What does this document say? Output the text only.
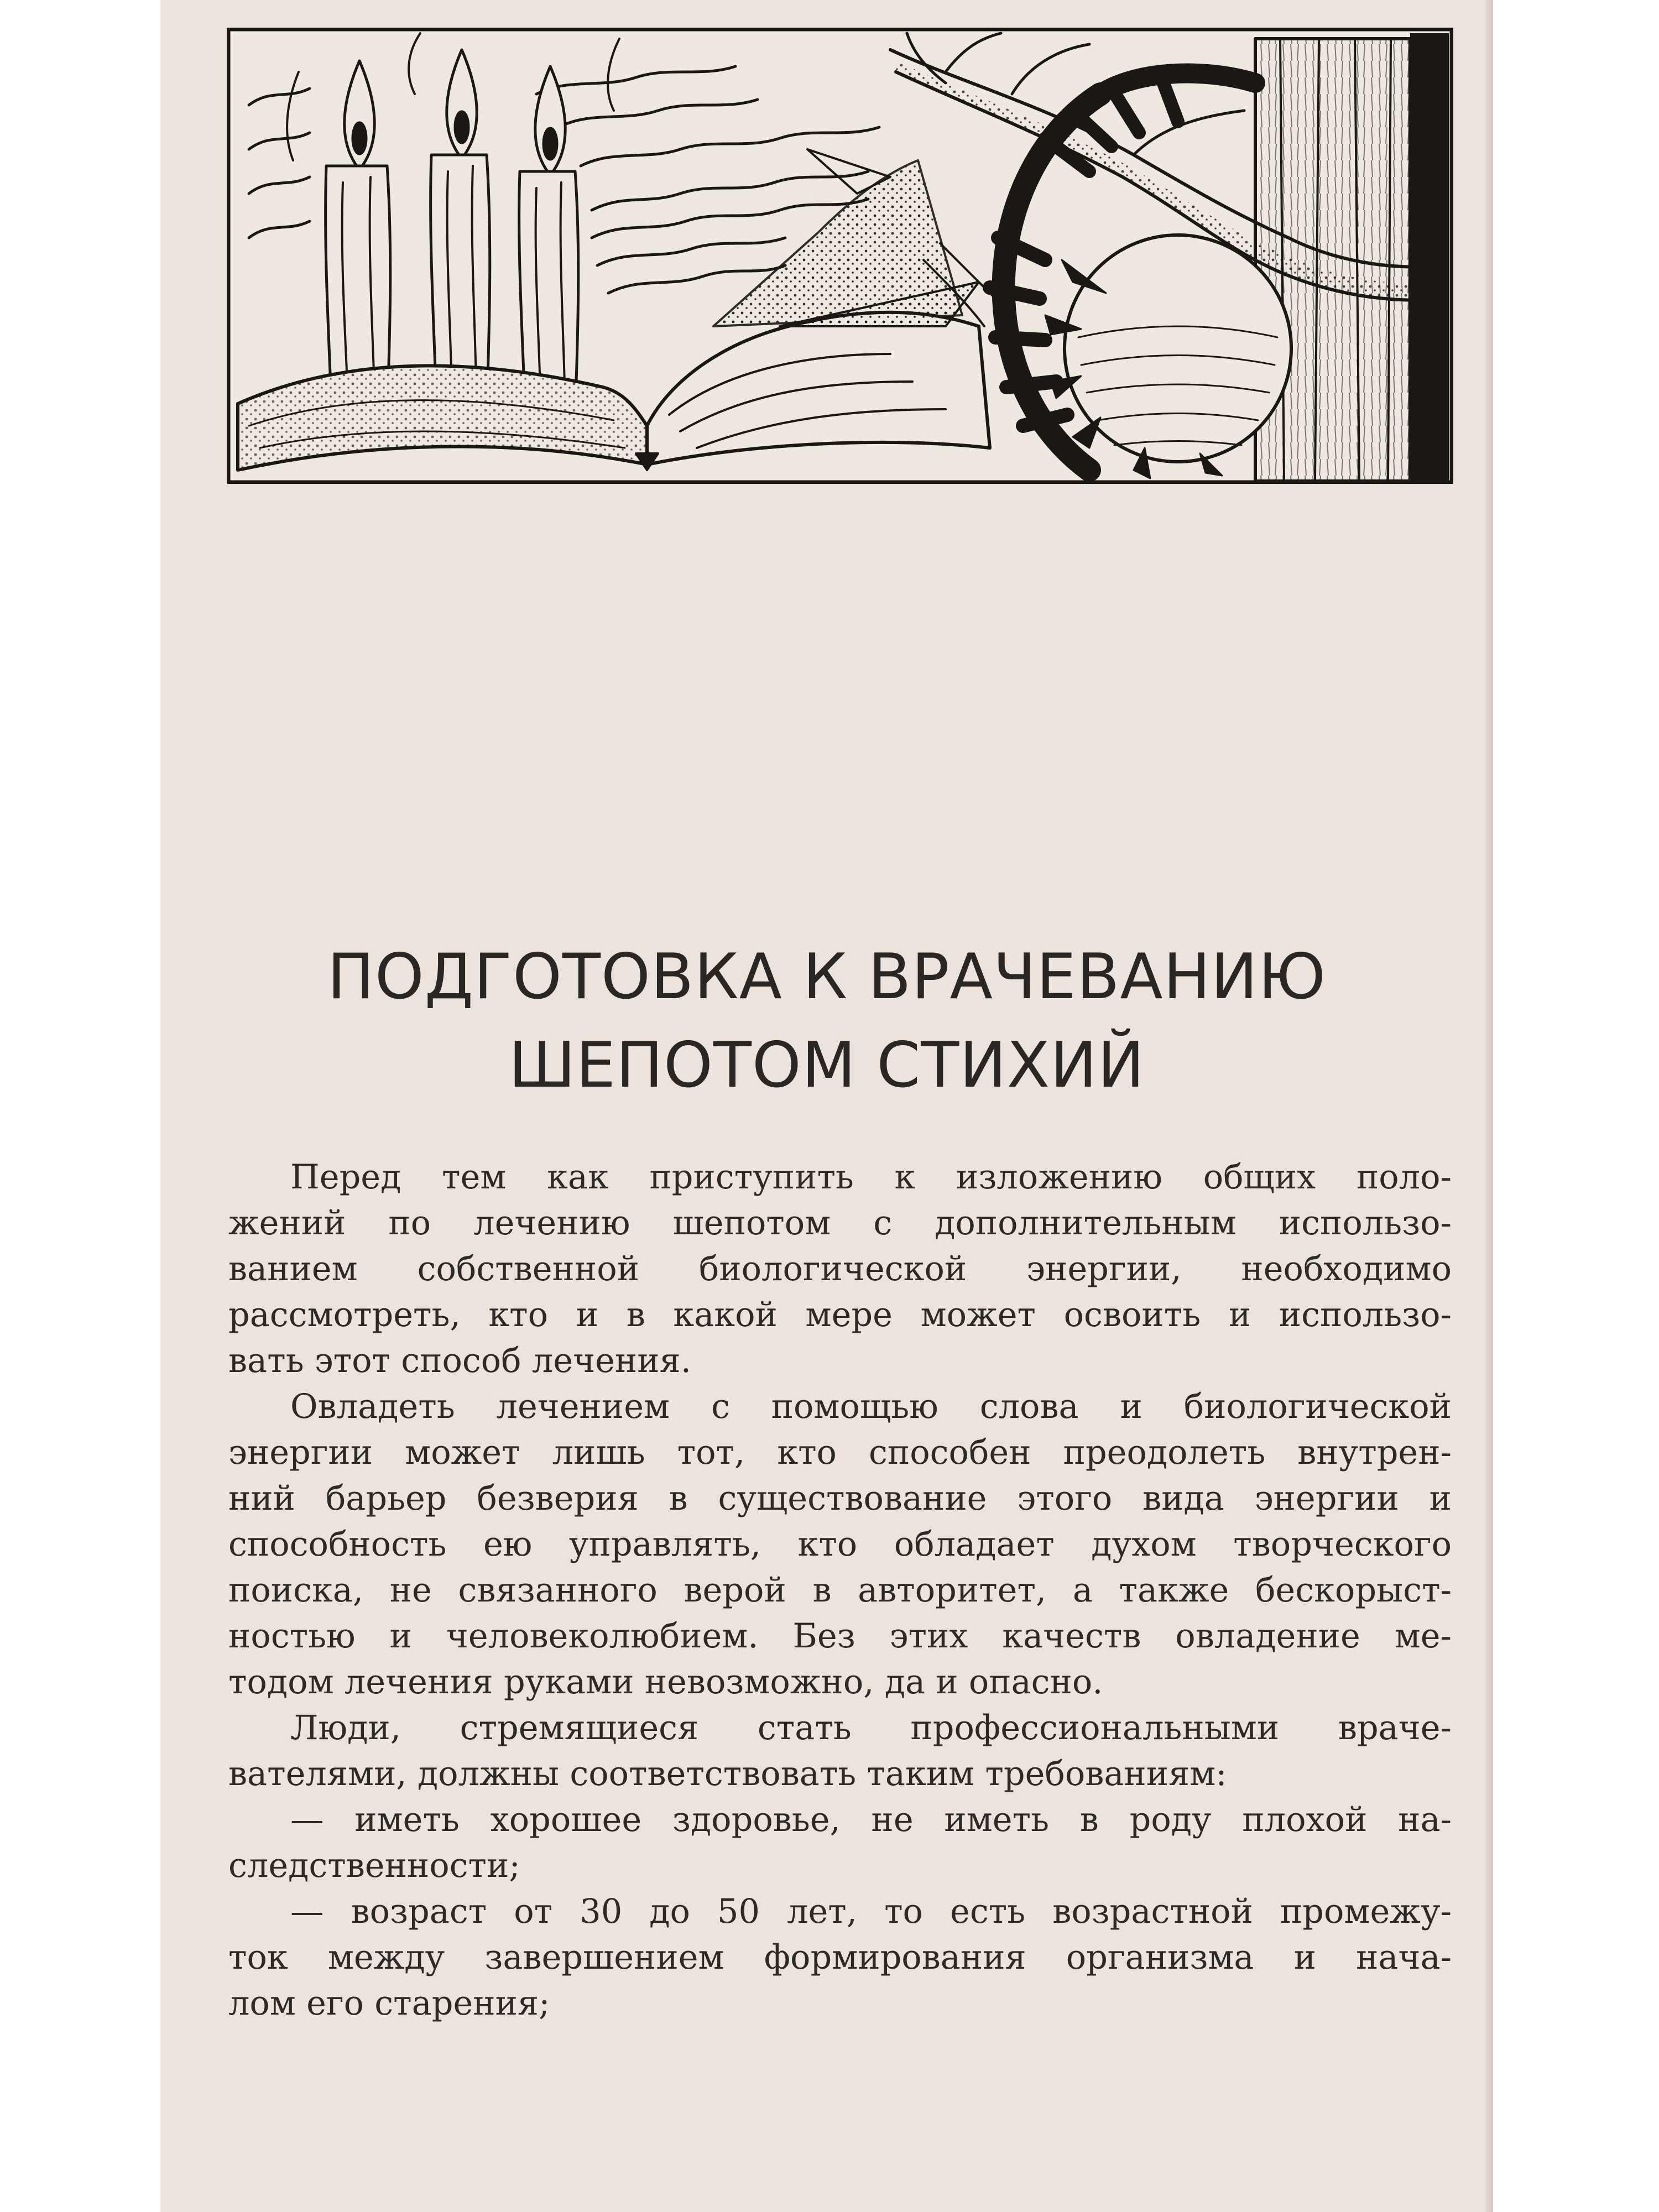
ПОДГОТОВКА К ВРАЧЕВАНИЮ
ШЕПОТОМ СТИХИЙ
Перед тем как приступить к изложению общих поло-
жений по лечению шепотом с дополнительным использо-
ванием собственной биологической энергии, необходимо
рассмотреть, кто и в какой мере может освоить и использо-
вать этот способ лечения.
Овладеть лечением с помощью слова и биологической
энергии может лишь тот, кто способен преодолеть внутрен-
ний барьер безверия в существование этого вида энергии и
способность ею управлять, кто обладает духом творческого
поиска, не связанного верой в авторитет, а также бескорыст-
ностью и человеколюбием. Без этих качеств овладение ме-
тодом лечения руками невозможно, да и опасно.
Люди, стремящиеся стать профессиональными враче-
вателями, должны соответствовать таким требованиям:
— иметь хорошее здоровье, не иметь в роду плохой на-
следственности;
— возраст от 30 до 50 лет, то есть возрастной промежу-
ток между завершением формирования организма и нача-
лом его старения;
